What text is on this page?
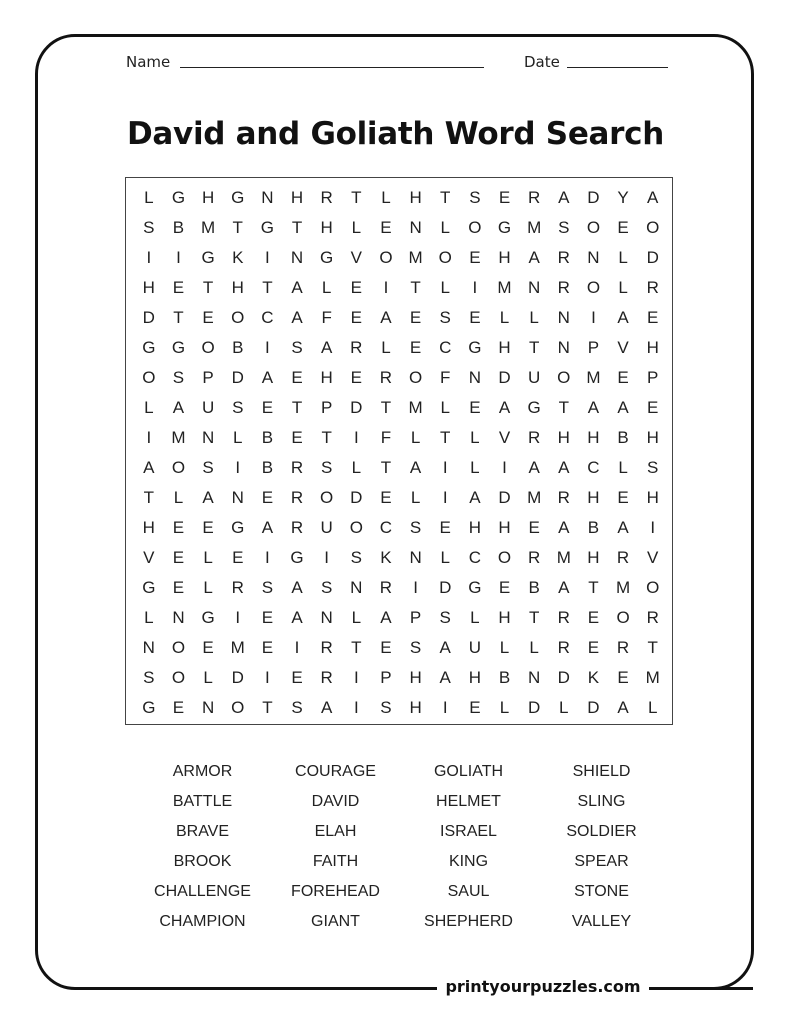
Name	Date
David and Goliath Word Search
L	G H G N	H	R	T	L	H	T	S	E	R	A	D	Y	A
S	B M	T	G	T	H	L	E	N	L	O G M S	O	E	O
I	I	G	K	I	N G	V	O M O	E	H	A	R	N	L	D
H	E	T	H	T	A	L	E	I	T	L	I	M N	R O	L	R
D	T	E	O C	A	F	E	A	E	S	E	L	L	N	I	A	E
G G O	B	I	S	A	R	L	E	C G H	T	N	P	V	H
O	S	P	D	A	E	H	E	R O	F	N	D	U O M E	P
L	A	U	S	E	T	P	D	T	M	L	E	A	G	T	A	A	E
I	M N	L	B	E	T	I	F	L	T	L	V	R	H	H	B	H
A	O	S	I	B	R	S	L	T	A	I	L	I	A	A	C	L	S
T	L	A	N	E	R O D	E	L	I	A	D M R	H	E	H
H	E	E	G	A	R	U O C	S	E	H	H	E	A	B	A	I
V	E	L	E	I	G	I	S	K	N	L	C O R M H	R	V
G	E	L	R	S	A	S	N	R	I	D G	E	B	A	T	M O
L	N G	I	E	A	N	L	A	P	S	L	H	T	R	E	O R
N O	E M E	I	R	T	E	S	A	U	L	L	R	E	R	T
S	O	L	D	I	E	R	I	P	H	A	H	B	N	D	K	E M
G	E	N O	T	S	A	I	S	H	I	E	L	D	L	D	A	L
ARMOR	COURAGE	GOLIATH	SHIELD
BATTLE	DAVID	HELMET	SLING
BRAVE	ELAH	ISRAEL	SOLDIER
BROOK	FAITH	KING	SPEAR
CHALLENGE	FOREHEAD	SAUL	STONE
CHAMPION	GIANT	SHEPHERD	VALLEY
printyourpuzzles.com
